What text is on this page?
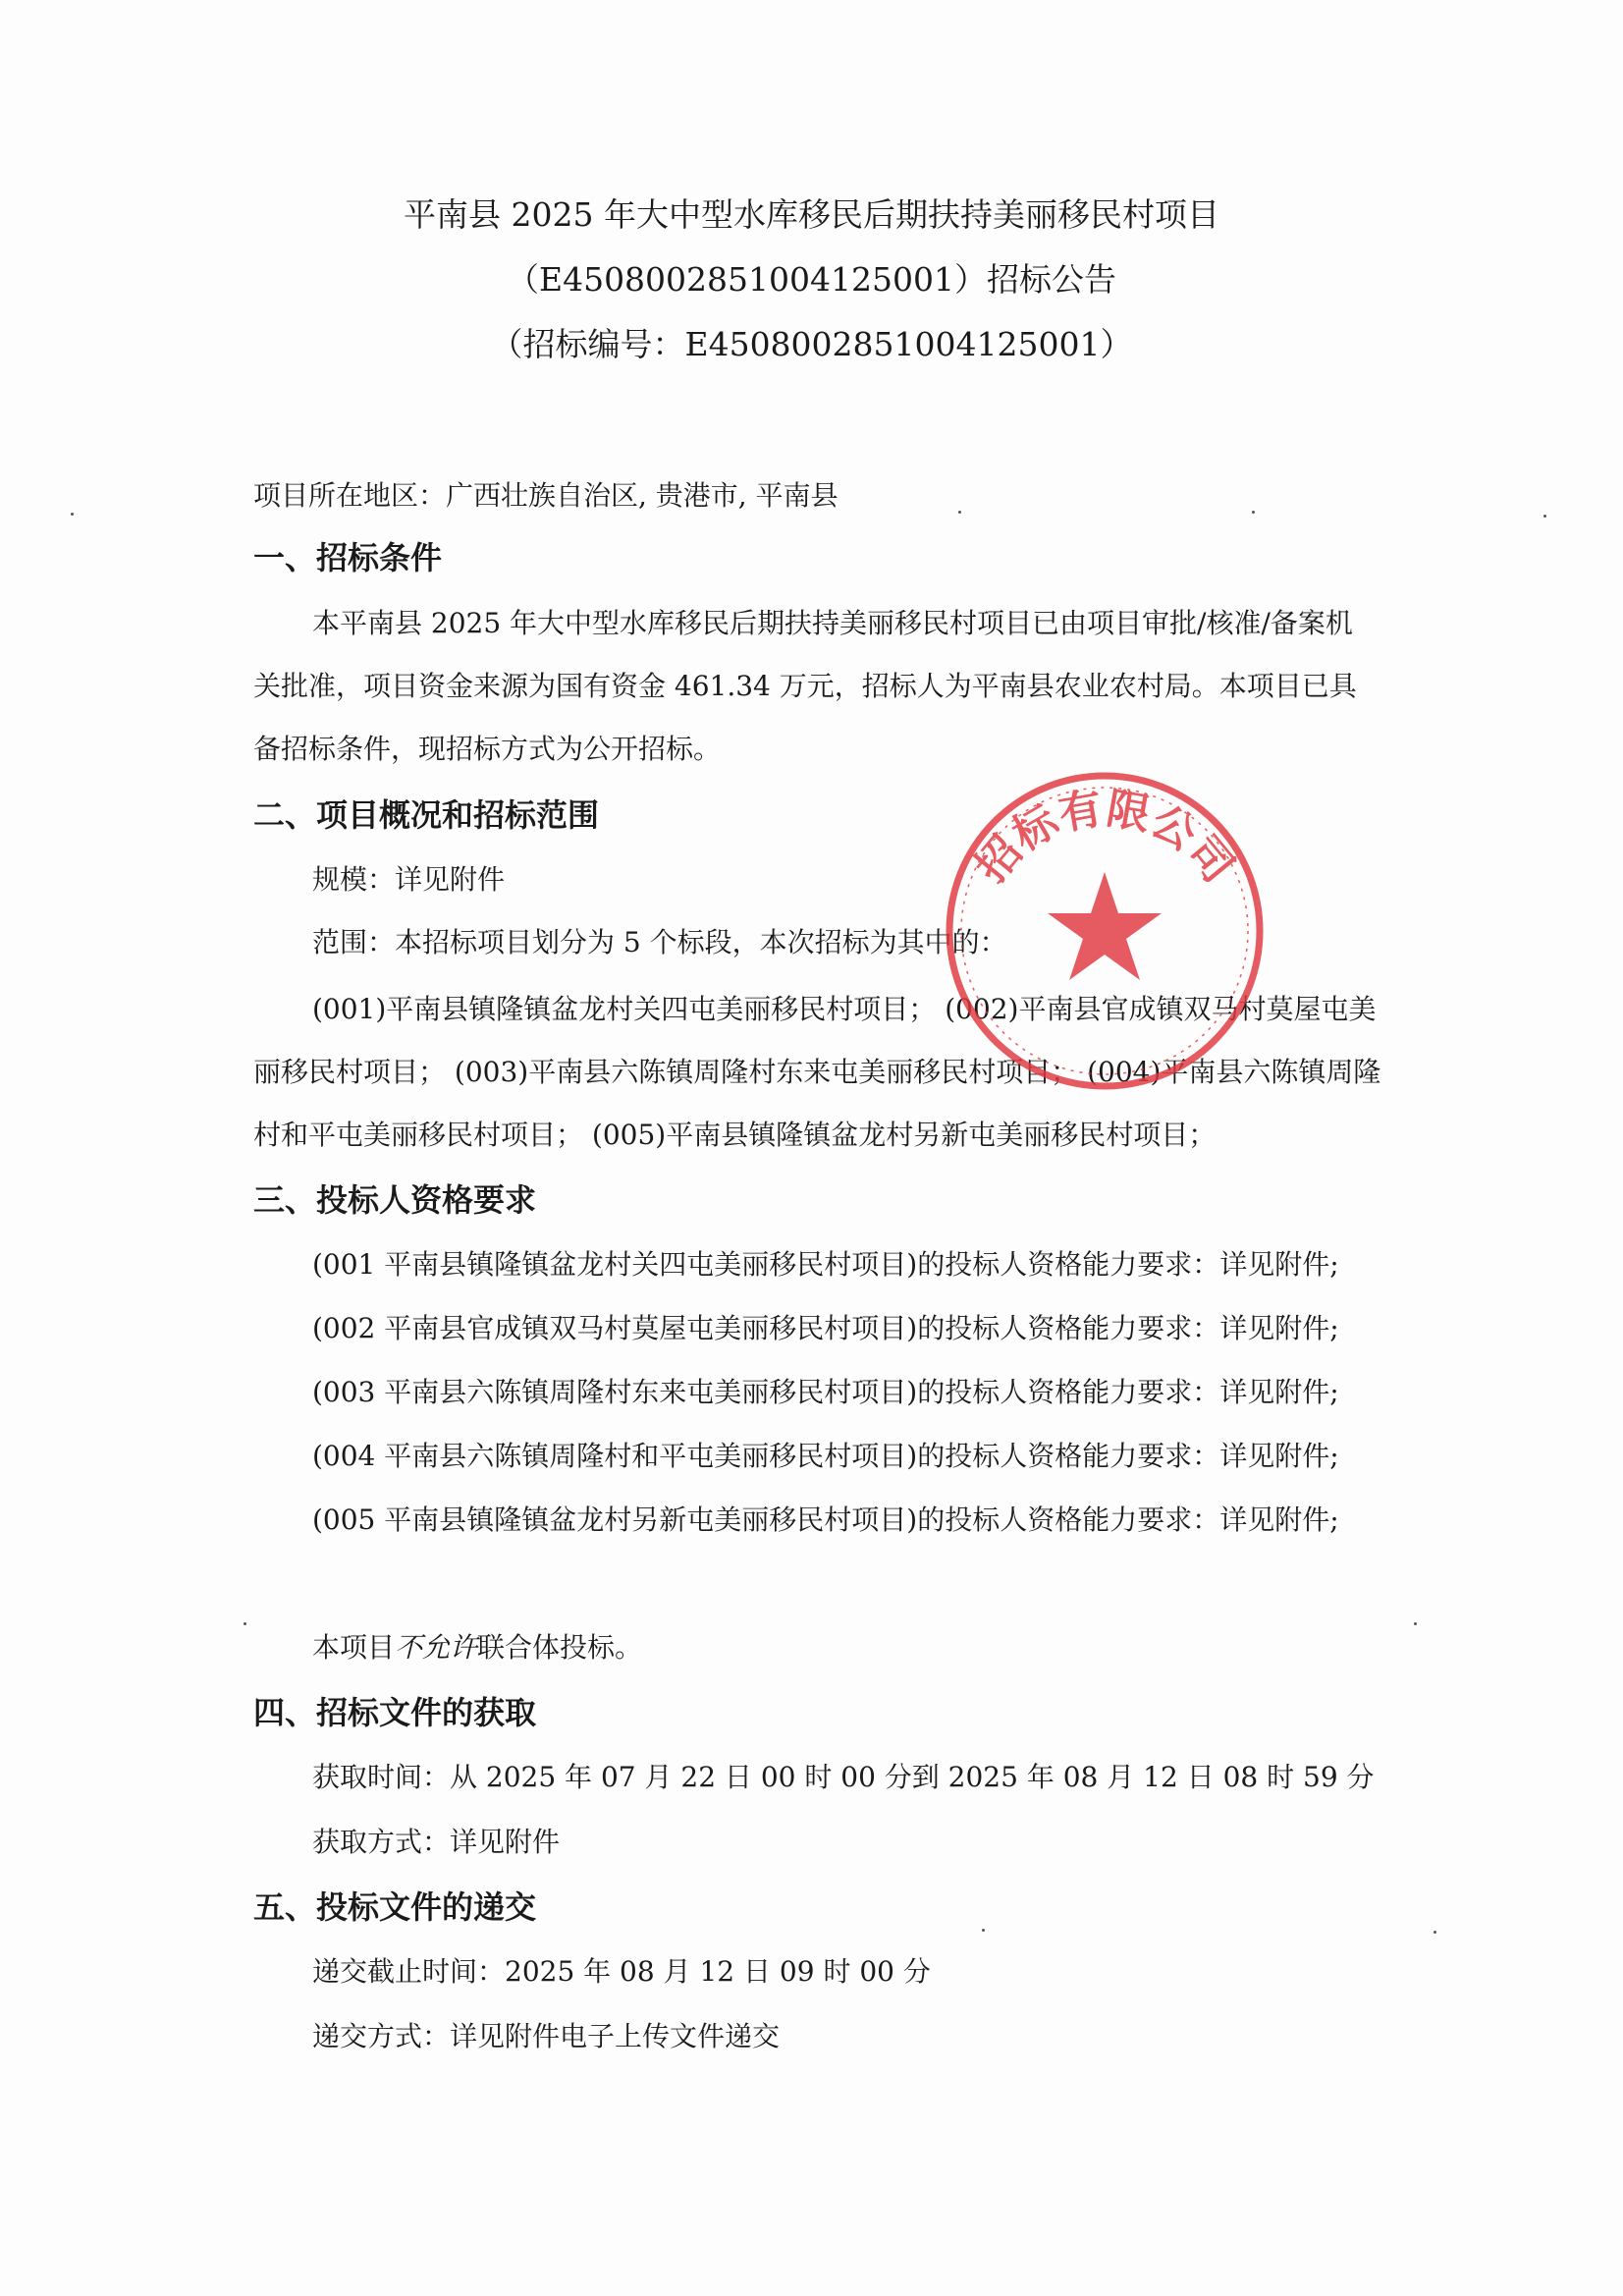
平南县 2025 年大中型水库移民后期扶持美丽移民村项目
（E4508002851004125001）招标公告
（招标编号：E4508002851004125001）
项目所在地区：广西壮族自治区, 贵港市, 平南县
一、招标条件
本平南县 2025 年大中型水库移民后期扶持美丽移民村项目已由项目审批/核准/备案机
关批准，项目资金来源为国有资金 461.34 万元，招标人为平南县农业农村局。本项目已具
备招标条件，现招标方式为公开招标。
二、项目概况和招标范围
规模：详见附件
范围：本招标项目划分为 5 个标段，本次招标为其中的：
(001)平南县镇隆镇盆龙村关四屯美丽移民村项目； (002)平南县官成镇双马村莫屋屯美
丽移民村项目； (003)平南县六陈镇周隆村东来屯美丽移民村项目； (004)平南县六陈镇周隆
村和平屯美丽移民村项目； (005)平南县镇隆镇盆龙村另新屯美丽移民村项目；
三、投标人资格要求
(001 平南县镇隆镇盆龙村关四屯美丽移民村项目)的投标人资格能力要求：详见附件;
(002 平南县官成镇双马村莫屋屯美丽移民村项目)的投标人资格能力要求：详见附件;
(003 平南县六陈镇周隆村东来屯美丽移民村项目)的投标人资格能力要求：详见附件;
(004 平南县六陈镇周隆村和平屯美丽移民村项目)的投标人资格能力要求：详见附件;
(005 平南县镇隆镇盆龙村另新屯美丽移民村项目)的投标人资格能力要求：详见附件;
本项目不允许联合体投标。
四、招标文件的获取
获取时间：从 2025 年 07 月 22 日 00 时 00 分到 2025 年 08 月 12 日 08 时 59 分
获取方式：详见附件
五、投标文件的递交
递交截止时间：2025 年 08 月 12 日 09 时 00 分
递交方式：详见附件电子上传文件递交
招标有限公司
